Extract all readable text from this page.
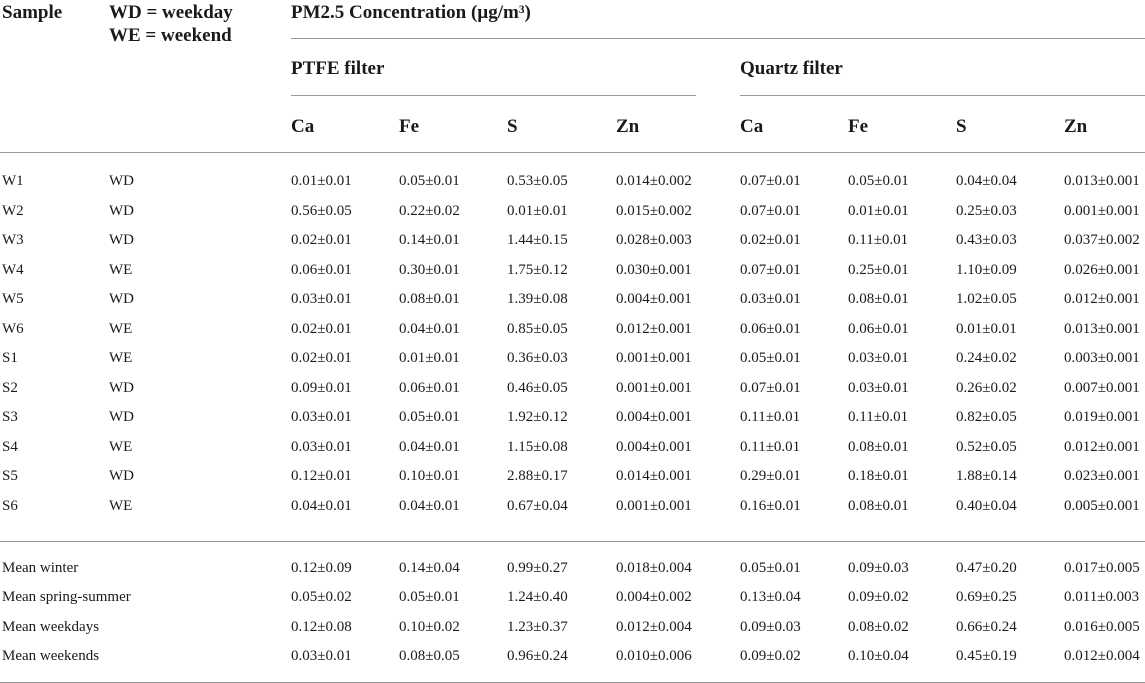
Sample WD = weekday
WE = weekend
PM2.5 Concentration (µg/m³)
PTFE filter	Quartz filter
Ca	Fe	S	Zn	Ca	Fe	S	Zn
W1	WD	0.01±0.01	0.05±0.01	0.53±0.05	0.014±0.002	0.07±0.01	0.05±0.01	0.04±0.04	0.013±0.001
W2	WD	0.56±0.05	0.22±0.02	0.01±0.01	0.015±0.002	0.07±0.01	0.01±0.01	0.25±0.03	0.001±0.001
W3	WD	0.02±0.01	0.14±0.01	1.44±0.15	0.028±0.003	0.02±0.01	0.11±0.01	0.43±0.03	0.037±0.002
W4	WE	0.06±0.01	0.30±0.01	1.75±0.12	0.030±0.001	0.07±0.01	0.25±0.01	1.10±0.09	0.026±0.001
W5	WD	0.03±0.01	0.08±0.01	1.39±0.08	0.004±0.001	0.03±0.01	0.08±0.01	1.02±0.05	0.012±0.001
W6	WE	0.02±0.01	0.04±0.01	0.85±0.05	0.012±0.001	0.06±0.01	0.06±0.01	0.01±0.01	0.013±0.001
S1	WE	0.02±0.01	0.01±0.01	0.36±0.03	0.001±0.001	0.05±0.01	0.03±0.01	0.24±0.02	0.003±0.001
S2	WD	0.09±0.01	0.06±0.01	0.46±0.05	0.001±0.001	0.07±0.01	0.03±0.01	0.26±0.02	0.007±0.001
S3	WD	0.03±0.01	0.05±0.01	1.92±0.12	0.004±0.001	0.11±0.01	0.11±0.01	0.82±0.05	0.019±0.001
S4	WE	0.03±0.01	0.04±0.01	1.15±0.08	0.004±0.001	0.11±0.01	0.08±0.01	0.52±0.05	0.012±0.001
S5	WD	0.12±0.01	0.10±0.01	2.88±0.17	0.014±0.001	0.29±0.01	0.18±0.01	1.88±0.14	0.023±0.001
S6	WE	0.04±0.01	0.04±0.01	0.67±0.04	0.001±0.001	0.16±0.01	0.08±0.01	0.40±0.04	0.005±0.001
Mean winter	0.12±0.09	0.14±0.04	0.99±0.27	0.018±0.004	0.05±0.01	0.09±0.03	0.47±0.20	0.017±0.005
Mean spring-summer	0.05±0.02	0.05±0.01	1.24±0.40	0.004±0.002	0.13±0.04	0.09±0.02	0.69±0.25	0.011±0.003
Mean weekdays	0.12±0.08	0.10±0.02	1.23±0.37	0.012±0.004	0.09±0.03	0.08±0.02	0.66±0.24	0.016±0.005
Mean weekends	0.03±0.01	0.08±0.05	0.96±0.24	0.010±0.006	0.09±0.02	0.10±0.04	0.45±0.19	0.012±0.004
